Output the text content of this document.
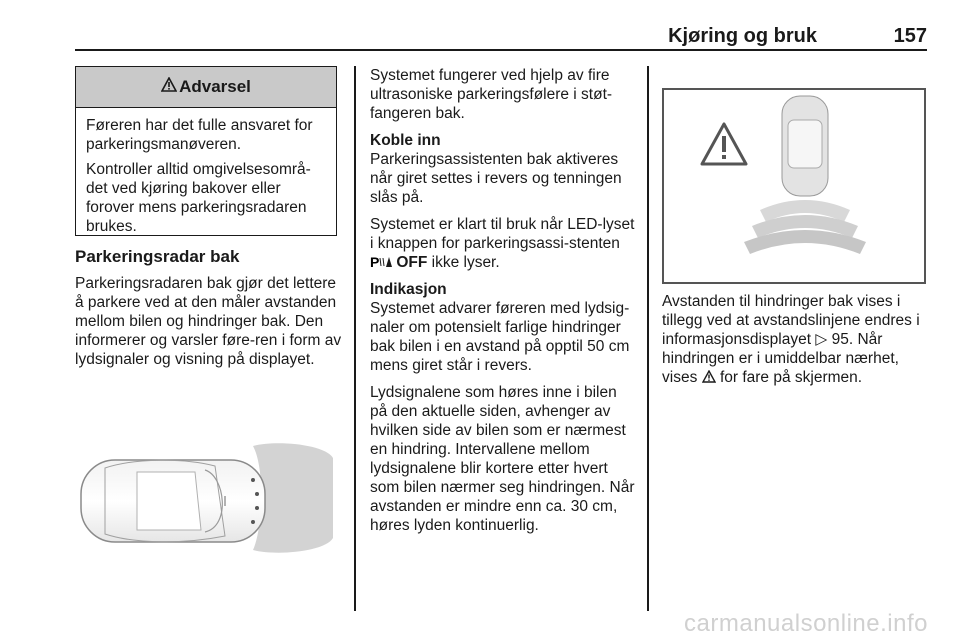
Kjøring og bruk	157
Advarsel

Føreren har det fulle ansvaret for parkeringsmanøveren.

Kontroller alltid omgivelsesområ-det ved kjøring bakover eller forover mens parkeringsradaren brukes.

Parkeringsradar bak

Parkeringsradaren bak gjør det lettere å parkere ved at den måler avstanden mellom bilen og hindringer bak. Den informerer og varsler føre-ren i form av lydsignaler og visning på displayet.

Systemet fungerer ved hjelp av fire ultrasoniske parkeringsfølere i støt-fangeren bak.

Koble inn

Parkeringsassistenten bak aktiveres når giret settes i revers og tenningen slås på.

Systemet er klart til bruk når LED-lyset i knappen for parkeringsassi-stenten
P OFF ikke lyser.

Indikasjon

Systemet advarer føreren med lydsig-naler om potensielt farlige hindringer bak bilen i en avstand på opptil 50 cm mens giret står i revers.

Lydsignalene som høres inne i bilen på den aktuelle siden, avhenger av hvilken side av bilen som er nærmest en hindring. Intervallene mellom lydsignalene blir kortere etter hvert som bilen nærmer seg hindringen. Når avstanden er mindre enn ca. 30 cm, høres lyden kontinuerlig.

Avstanden til hindringer bak vises i tillegg ved at avstandslinjene endres i informasjonsdisplayet ▷ 95. Når hindringen er i umiddelbar nærhet, vises for fare på skjermen.

carmanualsonline.info
